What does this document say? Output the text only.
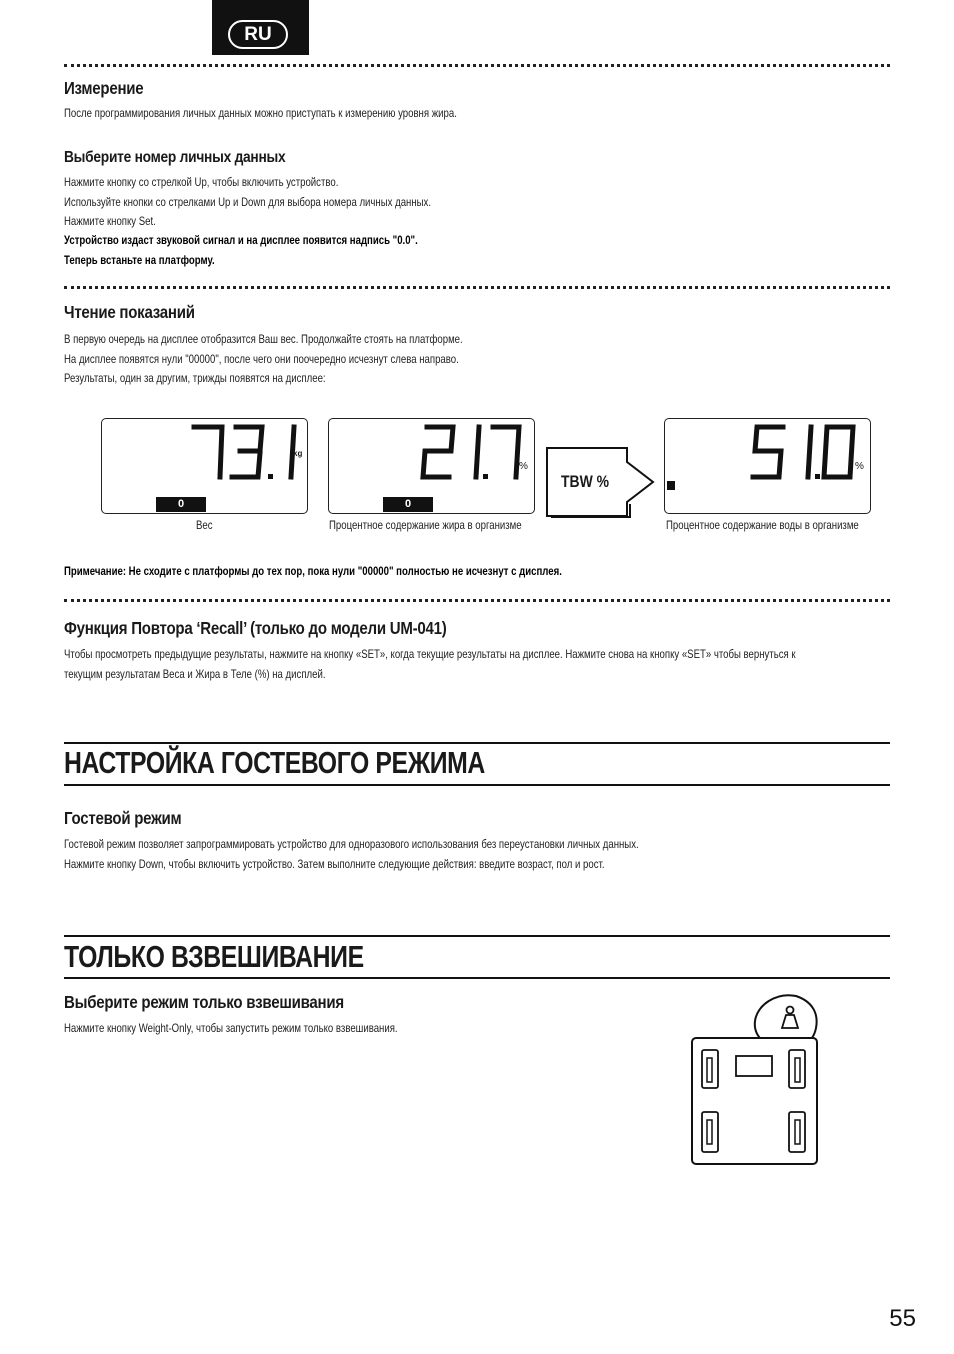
RU
Измерение
После программирования личных данных можно приступать к измерению уровня жира.
Выберите номер личных данных
Нажмите кнопку со стрелкой Up, чтобы включить устройство.
Используйте кнопки со стрелками Up и Down для выбора номера личных данных.
Нажмите кнопку Set.
Устройство издаст звуковой сигнал и на дисплее появится надпись "0.0".
Теперь встаньте на платформу.
Чтение показаний
В первую очередь на дисплее отобразится Ваш вес. Продолжайте стоять на платформе.
На дисплее появятся нули "00000", после чего они поочередно исчезнут слева направо.
Результаты, один за другим, трижды появятся на дисплее:
kg
0
Вес
%
0
Процентное содержание жира в организме
TBW %
%
Процентное содержание воды в организме
Примечание: Не сходите с платформы до тех пор, пока нули "00000" полностью не исчезнут с дисплея.
Функция Повтора ‘Recall’ (только до модели UM-041)
Чтобы просмотреть предыдущие результаты, нажмите на кнопку «SET», когда текущие результаты на дисплее. Нажмите снова на кнопку «SET» чтобы вернуться к
текущим результатам Веса и Жира в Теле (%) на дисплей.
НАСТРОЙКА ГОСТЕВОГО РЕЖИМА
Гостевой режим
Гостевой режим позволяет запрограммировать устройство для одноразового использования без переустановки личных данных.
Нажмите кнопку Down, чтобы включить устройство. Затем выполните следующие действия: введите возраст, пол и рост.
ТОЛЬКО ВЗВЕШИВАНИЕ
Выберите режим только взвешивания
Нажмите кнопку Weight-Only, чтобы запустить режим только взвешивания.
55
